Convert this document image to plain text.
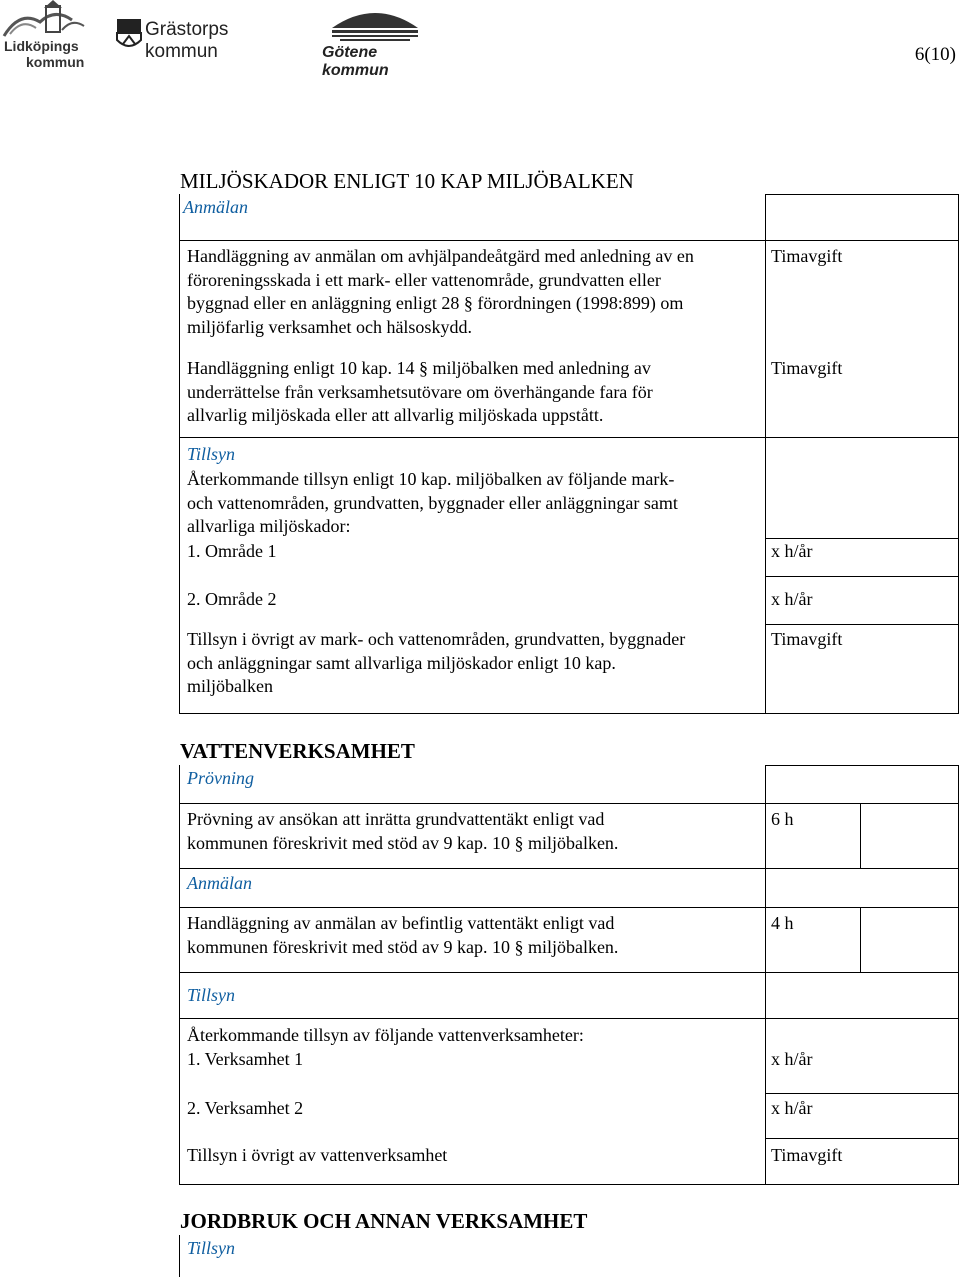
Lidköpings
kommun
Grästorps kommun	Götene kommun
6(10)
MILJÖSKADOR ENLIGT 10 KAP MILJÖBALKEN
Anmälan
Handläggning av anmälan om avhjälpandeåtgärd med anledning av en
föroreningsskada i ett mark- eller vattenområde, grundvatten eller
byggnad eller en anläggning enligt 28 § förordningen (1998:899) om
miljöfarlig verksamhet och hälsoskydd.
Timavgift
Handläggning enligt 10 kap. 14 § miljöbalken med anledning av
underrättelse från verksamhetsutövare om överhängande fara för
allvarlig miljöskada eller att allvarlig miljöskada uppstått.
Timavgift
Tillsyn
Återkommande tillsyn enligt 10 kap. miljöbalken av följande mark-
och vattenområden, grundvatten, byggnader eller anläggningar samt
allvarliga miljöskador:
1. Område 1	x h/år
2. Område 2	x h/år
Tillsyn i övrigt av mark- och vattenområden, grundvatten, byggnader
och anläggningar samt allvarliga miljöskador enligt 10 kap.
miljöbalken
Timavgift
VATTENVERKSAMHET
Prövning
Prövning av ansökan att inrätta grundvattentäkt enligt vad
kommunen föreskrivit med stöd av 9 kap. 10 § miljöbalken.
6 h
Anmälan
Handläggning av anmälan av befintlig vattentäkt enligt vad
kommunen föreskrivit med stöd av 9 kap. 10 § miljöbalken.
4 h
Tillsyn
Återkommande tillsyn av följande vattenverksamheter:
1. Verksamhet 1	x h/år
2. Verksamhet 2	x h/år
Tillsyn i övrigt av vattenverksamhet	Timavgift
JORDBRUK OCH ANNAN VERKSAMHET
Tillsyn
